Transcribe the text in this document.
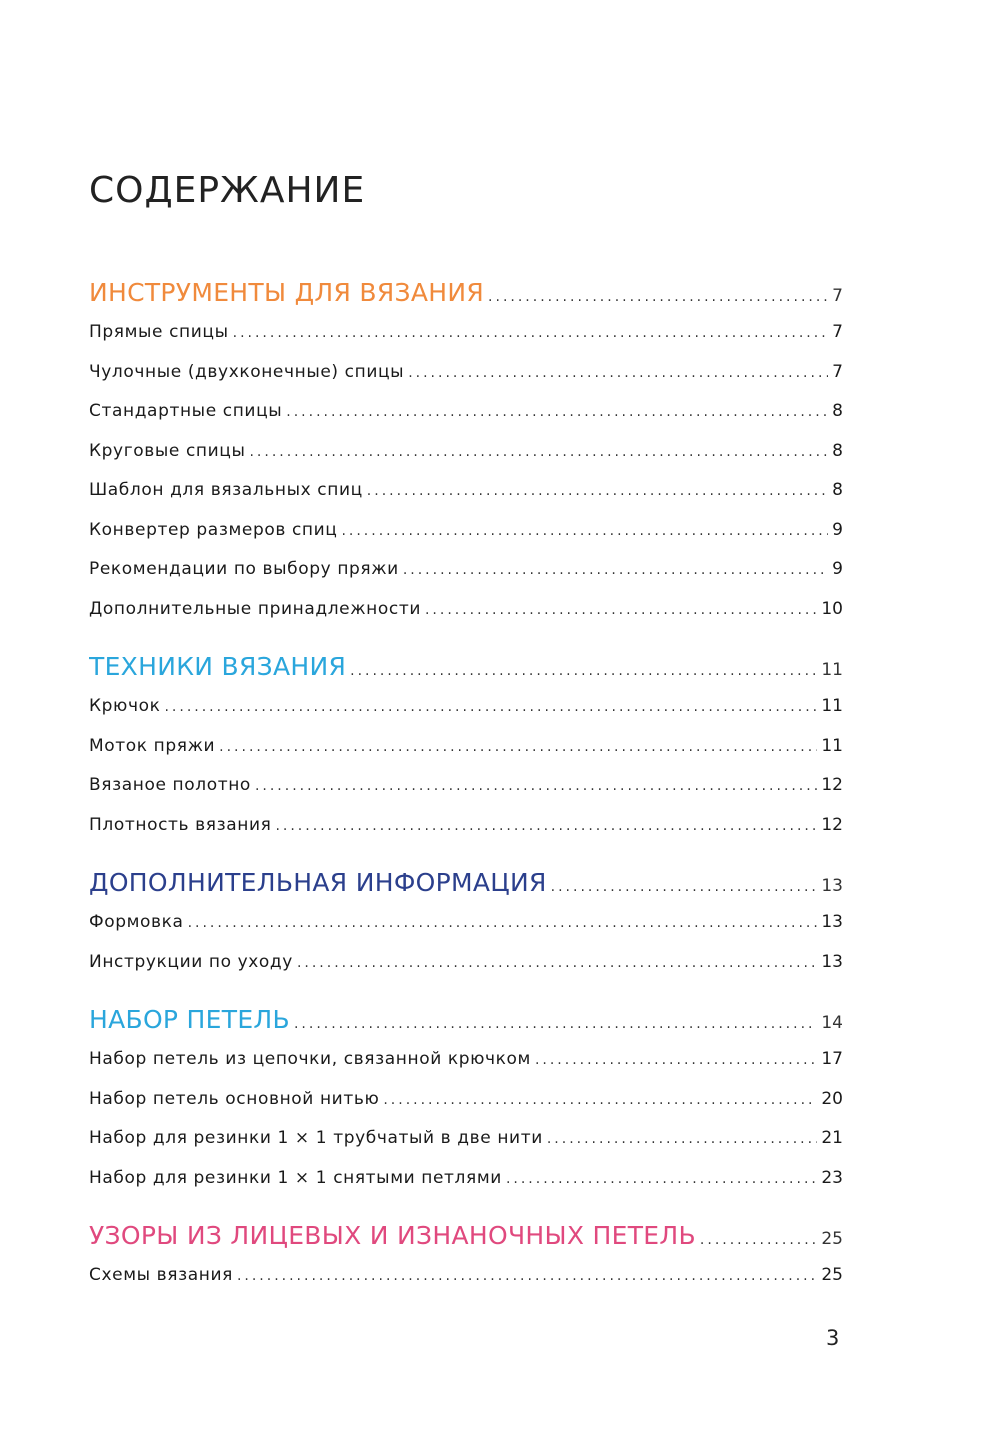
СОДЕРЖАНИЕ
ИНСТРУМЕНТЫ ДЛЯ ВЯЗАНИЯ .....	7
Прямые спицы .....	7
Чулочные (двухконечные) спицы .....	7
Стандартные спицы .....	8
Круговые спицы .....	8
Шаблон для вязальных спиц .....	8
Конвертер размеров спиц .....	9
Рекомендации по выбору пряжи .....	9
Дополнительные принадлежности .....	10
ТЕХНИКИ ВЯЗАНИЯ .....	11
Крючок .....	11
Моток пряжи .....	11
Вязаное полотно .....	12
Плотность вязания .....	12
ДОПОЛНИТЕЛЬНАЯ ИНФОРМАЦИЯ .....	13
Формовка .....	13
Инструкции по уходу .....	13
НАБОР ПЕТЕЛЬ .....	14
Набор петель из цепочки, связанной крючком .....	17
Набор петель основной нитью .....	20
Набор для резинки 1 × 1 трубчатый в две нити .....	21
Набор для резинки 1 × 1 снятыми петлями .....	23
УЗОРЫ ИЗ ЛИЦЕВЫХ И ИЗНАНОЧНЫХ ПЕТЕЛЬ .....	25
Схемы вязания .....	25
3
